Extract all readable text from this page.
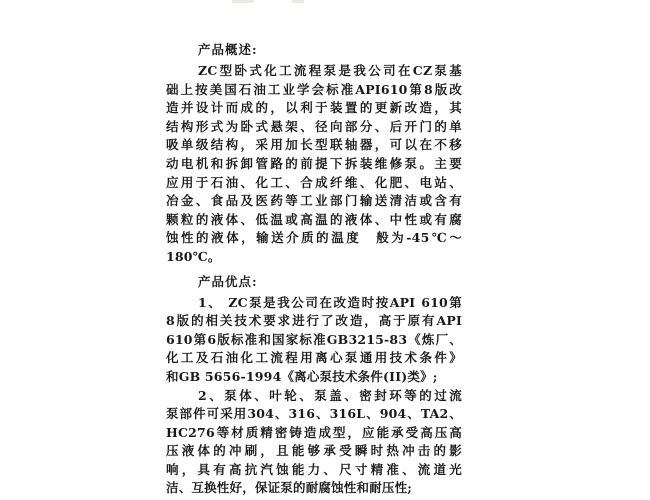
产品概述:

ZC型卧式化工流程泵是我公司在CZ泵基

础上按美国石油工业学会标准API610第8版改

造并设计而成的，以利于装置的更新改造，其

结构形式为卧式悬架、径向部分、后开门的单

吸单级结构，采用加长型联轴器，可以在不移

动电机和拆卸管路的前提下拆装维修泵。主要

应用于石油、化工、合成纤维、化肥、电站、

冶金、食品及医药等工业部门输送清洁或含有

颗粒的液体、低温或高温的液体、中性或有腐

蚀性的液体，输送介质的温度　般为-45℃～

180℃。

产品优点:

1、 ZC泵是我公司在改造时按API 610第

8版的相关技术要求进行了改造，高于原有API

610第6版标准和国家标准GB3215-83《炼厂、

化工及石油化工流程用离心泵通用技术条件》

和GB 5656-1994《离心泵技术条件(II)类》;

2、泵体、叶轮、泵盖、密封环等的过流

泵部件可采用304、316、316L、904、TA2、

HC276等材质精密铸造成型，应能承受高压高

压液体的冲刷，且能够承受瞬时热冲击的影

响，具有高抗汽蚀能力、尺寸精准、流道光

洁、互换性好，保证泵的耐腐蚀性和耐压性;
